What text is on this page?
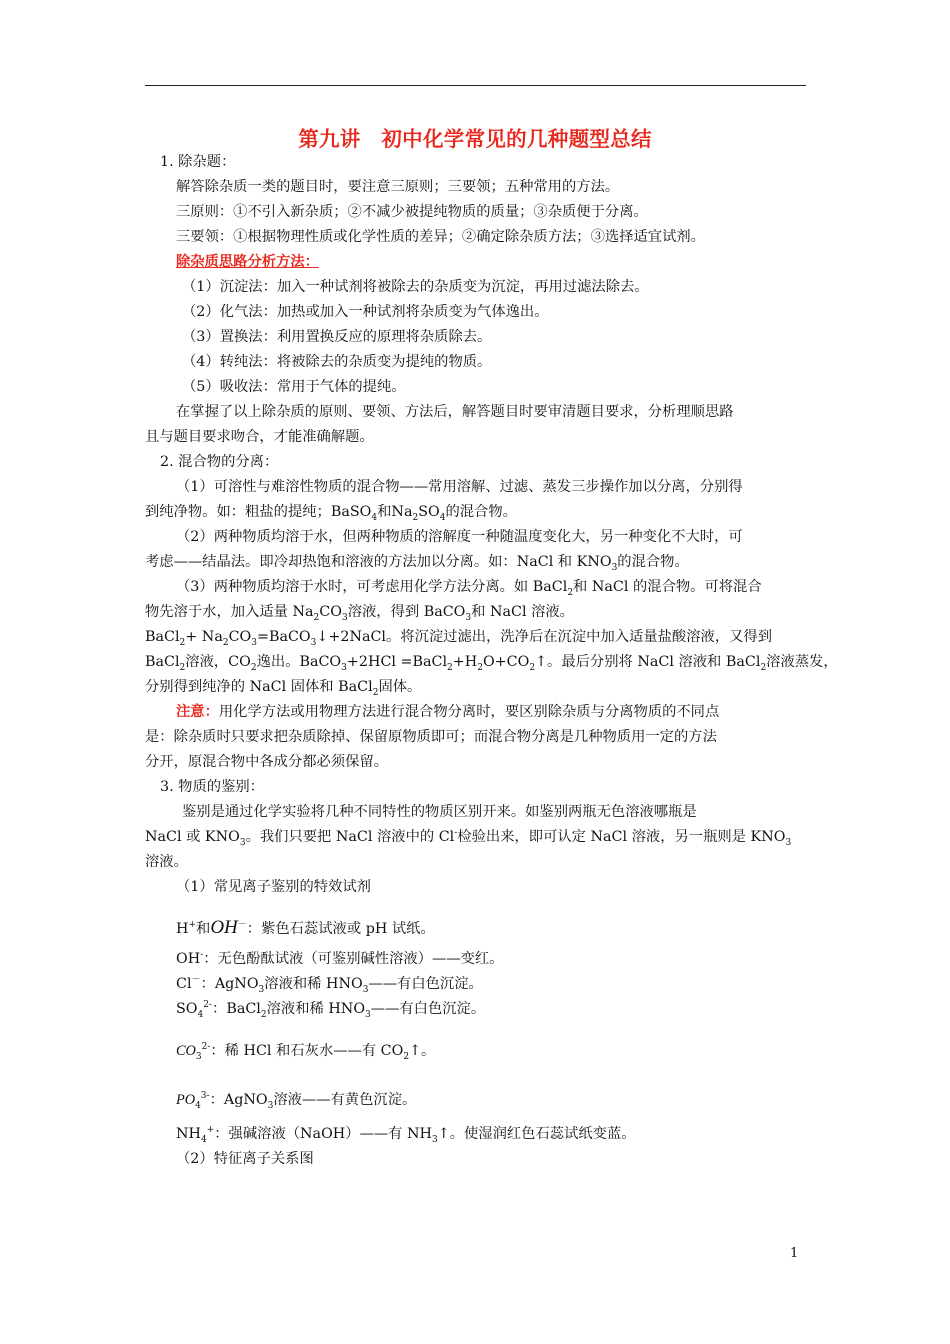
第九讲　初中化学常见的几种题型总结
1. 除杂题：
解答除杂质一类的题目时，要注意三原则；三要领；五种常用的方法。
三原则：①不引入新杂质；②不减少被提纯物质的质量；③杂质便于分离。
三要领：①根据物理性质或化学性质的差异；②确定除杂质方法；③选择适宜试剂。
除杂质思路分析方法：
（1）沉淀法：加入一种试剂将被除去的杂质变为沉淀，再用过滤法除去。
（2）化气法：加热或加入一种试剂将杂质变为气体逸出。
（3）置换法：利用置换反应的原理将杂质除去。
（4）转纯法：将被除去的杂质变为提纯的物质。
（5）吸收法：常用于气体的提纯。
在掌握了以上除杂质的原则、要领、方法后，解答题目时要审清题目要求，分析理顺思路
且与题目要求吻合，才能准确解题。
2. 混合物的分离：
（1）可溶性与难溶性物质的混合物——常用溶解、过滤、蒸发三步操作加以分离，分别得
到纯净物。如：粗盐的提纯；BaSO$_4$和$Na_2SO_4$的混合物。
（2）两种物质均溶于水，但两种物质的溶解度一种随温度变化大，另一种变化不大时，可
考虑——结晶法。即冷却热饱和溶液的方法加以分离。如：NaCl 和 $KNO_3$的混合物。
（3）两种物质均溶于水时，可考虑用化学方法分离。如 BaCl$_2$和 NaCl 的混合物。可将混合
物先溶于水，加入适量 $Na_2CO_3$溶液，得到 BaCO$_3$和 NaCl 溶液。
BaCl$_2$+ $Na_2CO_3=BaCO_3↓+2NaCl$。将沉淀过滤出，洗净后在沉淀中加入适量盐酸溶液，又得到
BaCl$_2$溶液，$CO_2$逸出。BaCO$_3$+2HCl $=BaCl_2+H_2O+CO_2↑$。最后分别将 NaCl 溶液和 BaCl$_2$溶液蒸发，
分别得到纯净的 NaCl 固体和 BaCl$_2$固体。
注意：用化学方法或用物理方法进行混合物分离时，要区别除杂质与分离物质的不同点
是：除杂质时只要求把杂质除掉、保留原物质即可；而混合物分离是几种物质用一定的方法
分开，原混合物中各成分都必须保留。
3. 物质的鉴别：
鉴别是通过化学实验将几种不同特性的物质区别开来。如鉴别两瓶无色溶液哪瓶是
NaCl 或 $KNO_3$。我们只要把 NaCl 溶液中的 Cl-检验出来，即可认定 NaCl 溶液，另一瓶则是 $KNO_3$
溶液。
（1）常见离子鉴别的特效试剂
H+和OH－：紫色石蕊试液或 pH 试纸。
OH-：无色酚酞试液（可鉴别碱性溶液）——变红。
Cl－：AgNO$_3$溶液和稀 $HNO_3——$有白色沉淀。
$SO_4^{2-}$：BaCl$_2$溶液和稀 $HNO_3——$有白色沉淀。
$CO_3^{2-}$：稀 HCl 和石灰水——有 $CO_2↑$。
$PO_4^{3-}$：AgNO$_3$溶液——有黄色沉淀。
$NH_4^+$：强碱溶液（NaOH）——有 $NH_3↑$。使湿润红色石蕊试纸变蓝。
（2）特征离子关系图
1
